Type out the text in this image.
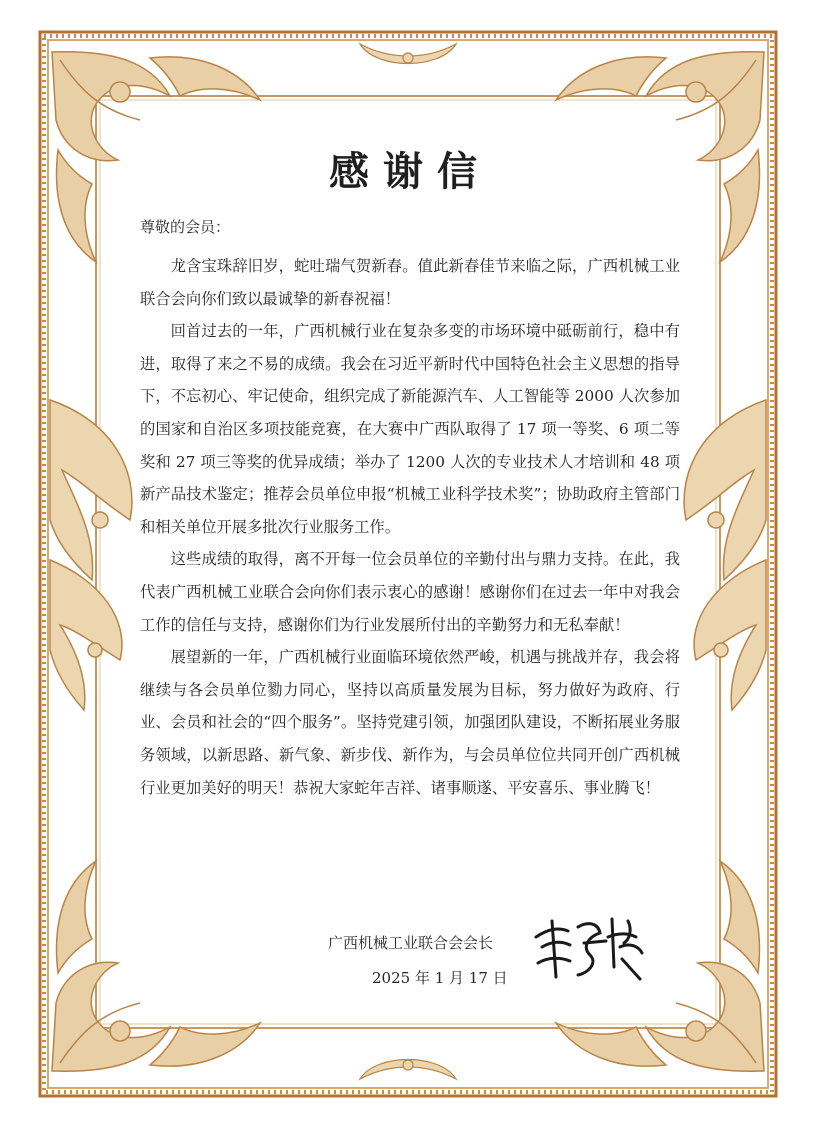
感谢信
尊敬的会员：

龙含宝珠辞旧岁，蛇吐瑞气贺新春。值此新春佳节来临之际，广西机械工业联合会向你们致以最诚挚的新春祝福！

回首过去的一年，广西机械行业在复杂多变的市场环境中砥砺前行，稳中有进，取得了来之不易的成绩。我会在习近平新时代中国特色社会主义思想的指导下，不忘初心、牢记使命，组织完成了新能源汽车、人工智能等 2000 人次参加的国家和自治区多项技能竞赛，在大赛中广西队取得了 17 项一等奖、6 项二等奖和 27 项三等奖的优异成绩；举办了 1200 人次的专业技术人才培训和 48 项新产品技术鉴定；推荐会员单位申报“机械工业科学技术奖”；协助政府主管部门和相关单位开展多批次行业服务工作。

这些成绩的取得，离不开每一位会员单位的辛勤付出与鼎力支持。在此，我代表广西机械工业联合会向你们表示衷心的感谢！感谢你们在过去一年中对我会工作的信任与支持，感谢你们为行业发展所付出的辛勤努力和无私奉献！

展望新的一年，广西机械行业面临环境依然严峻，机遇与挑战并存，我会将继续与各会员单位勠力同心，坚持以高质量发展为目标，努力做好为政府、行业、会员和社会的“四个服务”。坚持党建引领，加强团队建设，不断拓展业务服务领域，以新思路、新气象、新步伐、新作为，与会员单位位共同开创广西机械行业更加美好的明天！恭祝大家蛇年吉祥、诸事顺遂、平安喜乐、事业腾飞！

广西机械工业联合会会长
2025 年 1 月 17 日
